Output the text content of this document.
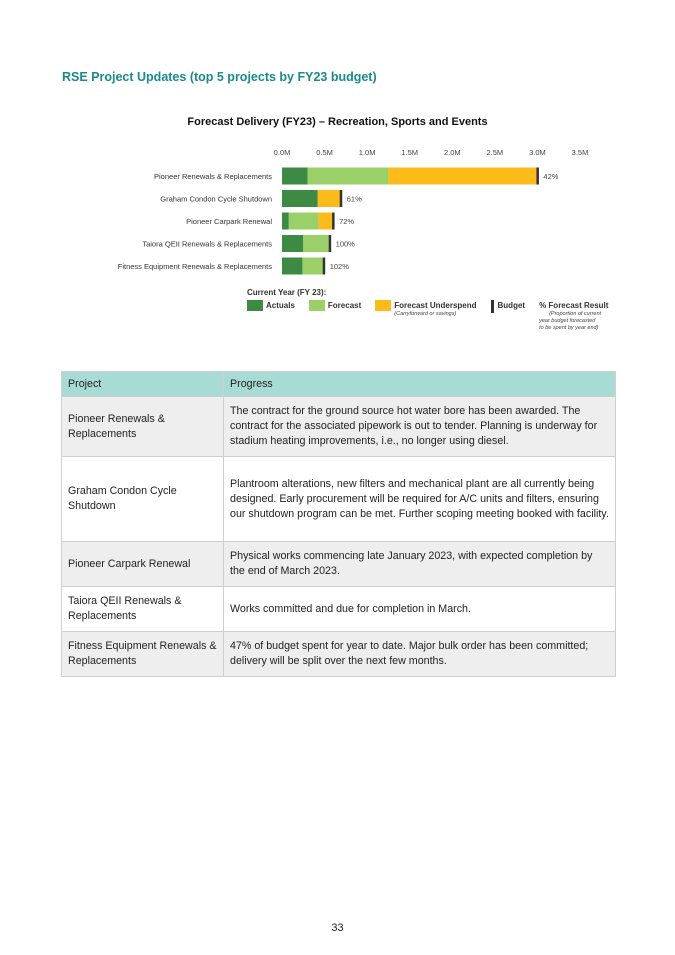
RSE Project Updates (top 5 projects by FY23 budget)
Forecast Delivery (FY23) – Recreation, Sports and Events
0.0M	0.5M	1.0M	1.5M	2.0M	2.5M	3.0M	3.5M
Pioneer Renewals & Replacements	42%
Graham Condon Cycle Shutdown	61%
Pioneer Carpark Renewal	72%
Taiora QEII Renewals & Replacements	100%
Fitness Equipment Renewals & Replacements	102%
Current Year (FY 23):
Actuals	Forecast	Forecast Underspend
(Carryforward or savings)
Budget % Forecast Result
(Proportion of current
year budget forecasted
to be spent by year end)
Project	Progress
Pioneer Renewals & Replacements	The contract for the ground source hot water bore has been awarded. The contract for the associated pipework is out to tender. Planning is underway for stadium heating improvements, i.e., no longer using diesel.
Graham Condon Cycle Shutdown	Plantroom alterations, new filters and mechanical plant are all currently being designed. Early procurement will be required for A/C units and filters, ensuring our shutdown program can be met. Further scoping meeting booked with facility.
Pioneer Carpark Renewal	Physical works commencing late January 2023, with expected completion by the end of March 2023.
Taiora QEII Renewals & Replacements	Works committed and due for completion in March.
Fitness Equipment Renewals & Replacements	47% of budget spent for year to date. Major bulk order has been committed; delivery will be split over the next few months.
33
